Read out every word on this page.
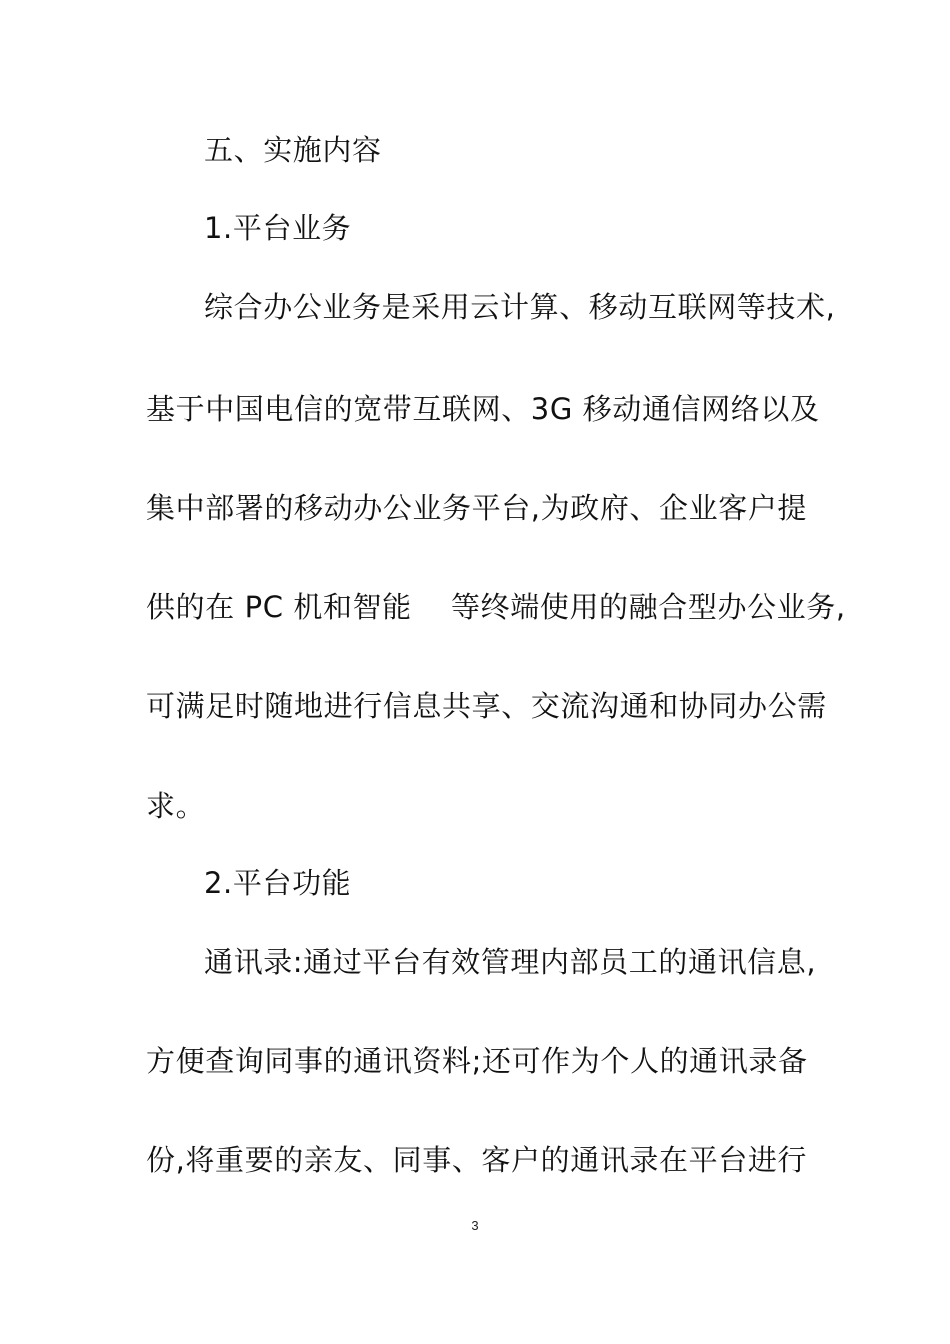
五、实施内容
1.平台业务
综合办公业务是采用云计算、移动互联网等技术,
基于中国电信的宽带互联网、3G 移动通信网络以及
集中部署的移动办公业务平台,为政府、企业客户提
供的在 PC 机和智能    等终端使用的融合型办公业务,
可满足时随地进行信息共享、交流沟通和协同办公需
求。
2.平台功能
通讯录:通过平台有效管理内部员工的通讯信息,
方便查询同事的通讯资料;还可作为个人的通讯录备
份,将重要的亲友、同事、客户的通讯录在平台进行
3
